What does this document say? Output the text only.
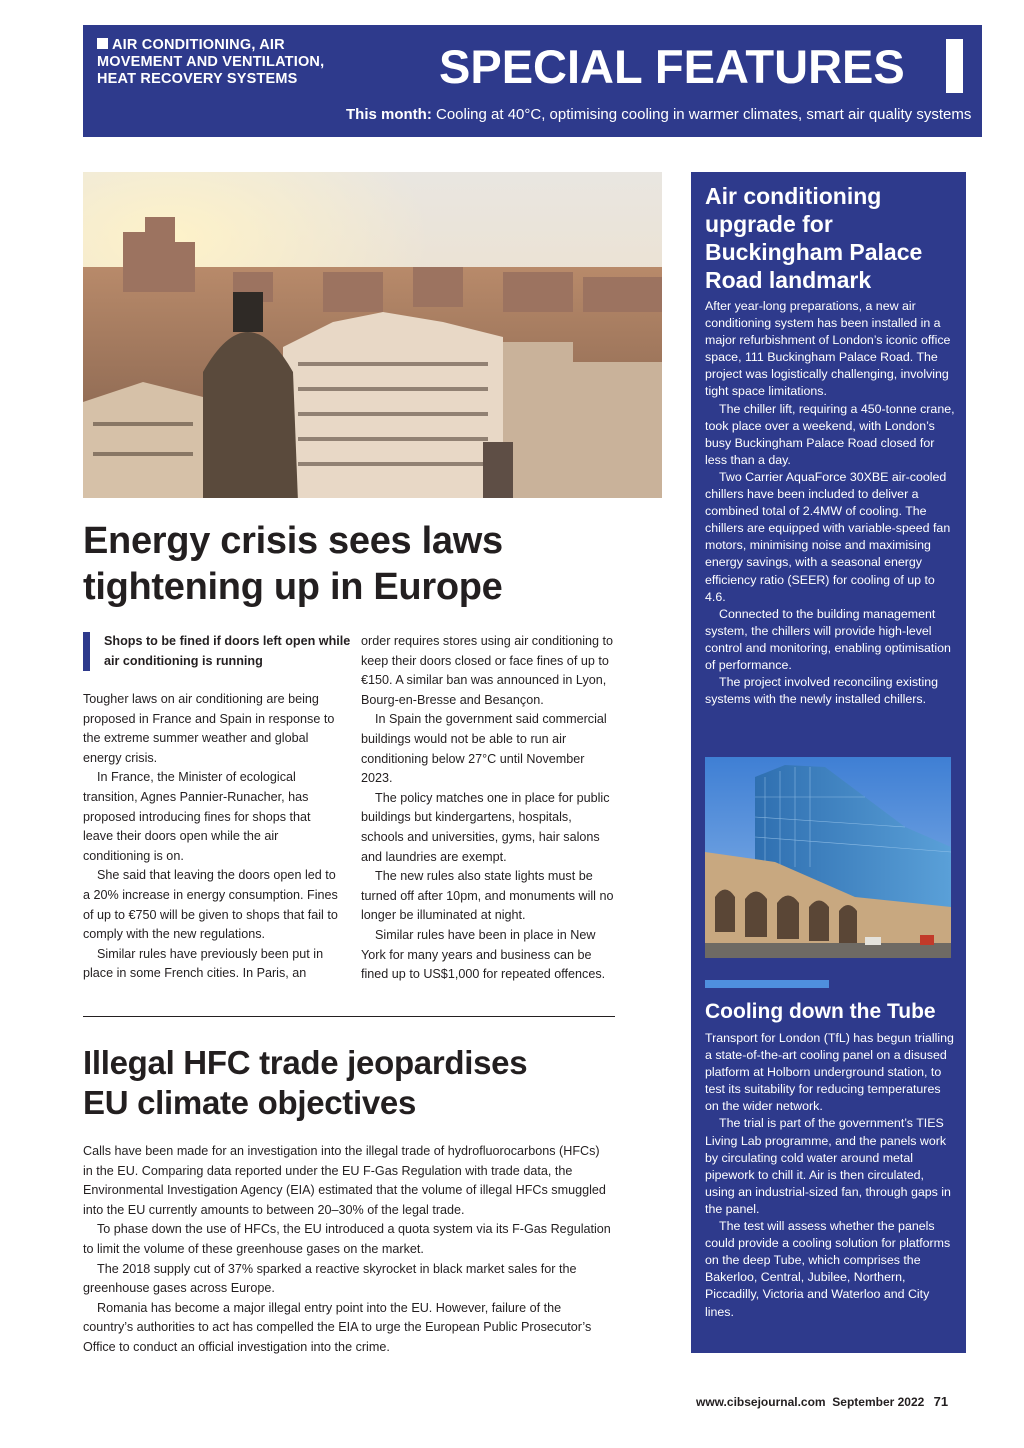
AIR CONDITIONING, AIR MOVEMENT AND VENTILATION, HEAT RECOVERY SYSTEMS	SPECIAL FEATURES
This month: Cooling at 40°C, optimising cooling in warmer climates, smart air quality systems
Energy crisis sees laws tightening up in Europe
Shops to be fined if doors left open while air conditioning is running

Tougher laws on air conditioning are being proposed in France and Spain in response to the extreme summer weather and global energy crisis.

In France, the Minister of ecological transition, Agnes Pannier-Runacher, has proposed introducing fines for shops that leave their doors open while the air conditioning is on.

She said that leaving the doors open led to a 20% increase in energy consumption. Fines of up to €750 will be given to shops that fail to comply with the new regulations.

Similar rules have previously been put in place in some French cities. In Paris, an

order requires stores using air conditioning to keep their doors closed or face fines of up to €150. A similar ban was announced in Lyon, Bourg-en-Bresse and Besançon.

In Spain the government said commercial buildings would not be able to run air conditioning below 27°C until November 2023.

The policy matches one in place for public buildings but kindergartens, hospitals, schools and universities, gyms, hair salons and laundries are exempt.

The new rules also state lights must be turned off after 10pm, and monuments will no longer be illuminated at night.

Similar rules have been in place in New York for many years and business can be fined up to US$1,000 for repeated offences.

Illegal HFC trade jeopardises EU climate objectives

Calls have been made for an investigation into the illegal trade of hydrofluorocarbons (HFCs) in the EU. Comparing data reported under the EU F-Gas Regulation with trade data, the Environmental Investigation Agency (EIA) estimated that the volume of illegal HFCs smuggled into the EU currently amounts to between 20–30% of the legal trade.

To phase down the use of HFCs, the EU introduced a quota system via its F-Gas Regulation to limit the volume of these greenhouse gases on the market.

The 2018 supply cut of 37% sparked a reactive skyrocket in black market sales for the greenhouse gases across Europe.

Romania has become a major illegal entry point into the EU. However, failure of the country’s authorities to act has compelled the EIA to urge the European Public Prosecutor’s Office to conduct an official investigation into the crime.

Air conditioning upgrade for Buckingham Palace Road landmark

After year-long preparations, a new air conditioning system has been installed in a major refurbishment of London’s iconic office space, 111 Buckingham Palace Road. The project was logistically challenging, involving tight space limitations.

The chiller lift, requiring a 450-tonne crane, took place over a weekend, with London’s busy Buckingham Palace Road closed for less than a day.

Two Carrier AquaForce 30XBE air-cooled chillers have been included to deliver a combined total of 2.4MW of cooling. The chillers are equipped with variable-speed fan motors, minimising noise and maximising energy savings, with a seasonal energy efficiency ratio (SEER) for cooling of up to 4.6.

Connected to the building management system, the chillers will provide high-level control and monitoring, enabling optimisation of performance.

The project involved reconciling existing systems with the newly installed chillers.

Cooling down the Tube

Transport for London (TfL) has begun trialling a state-of-the-art cooling panel on a disused platform at Holborn underground station, to test its suitability for reducing temperatures on the wider network.

The trial is part of the government’s TIES Living Lab programme, and the panels work by circulating cold water around metal pipework to chill it. Air is then circulated, using an industrial-sized fan, through gaps in the panel.

The test will assess whether the panels could provide a cooling solution for platforms on the deep Tube, which comprises the Bakerloo, Central, Jubilee, Northern, Piccadilly, Victoria and Waterloo and City lines.

www.cibsejournal.com September 2022 71
